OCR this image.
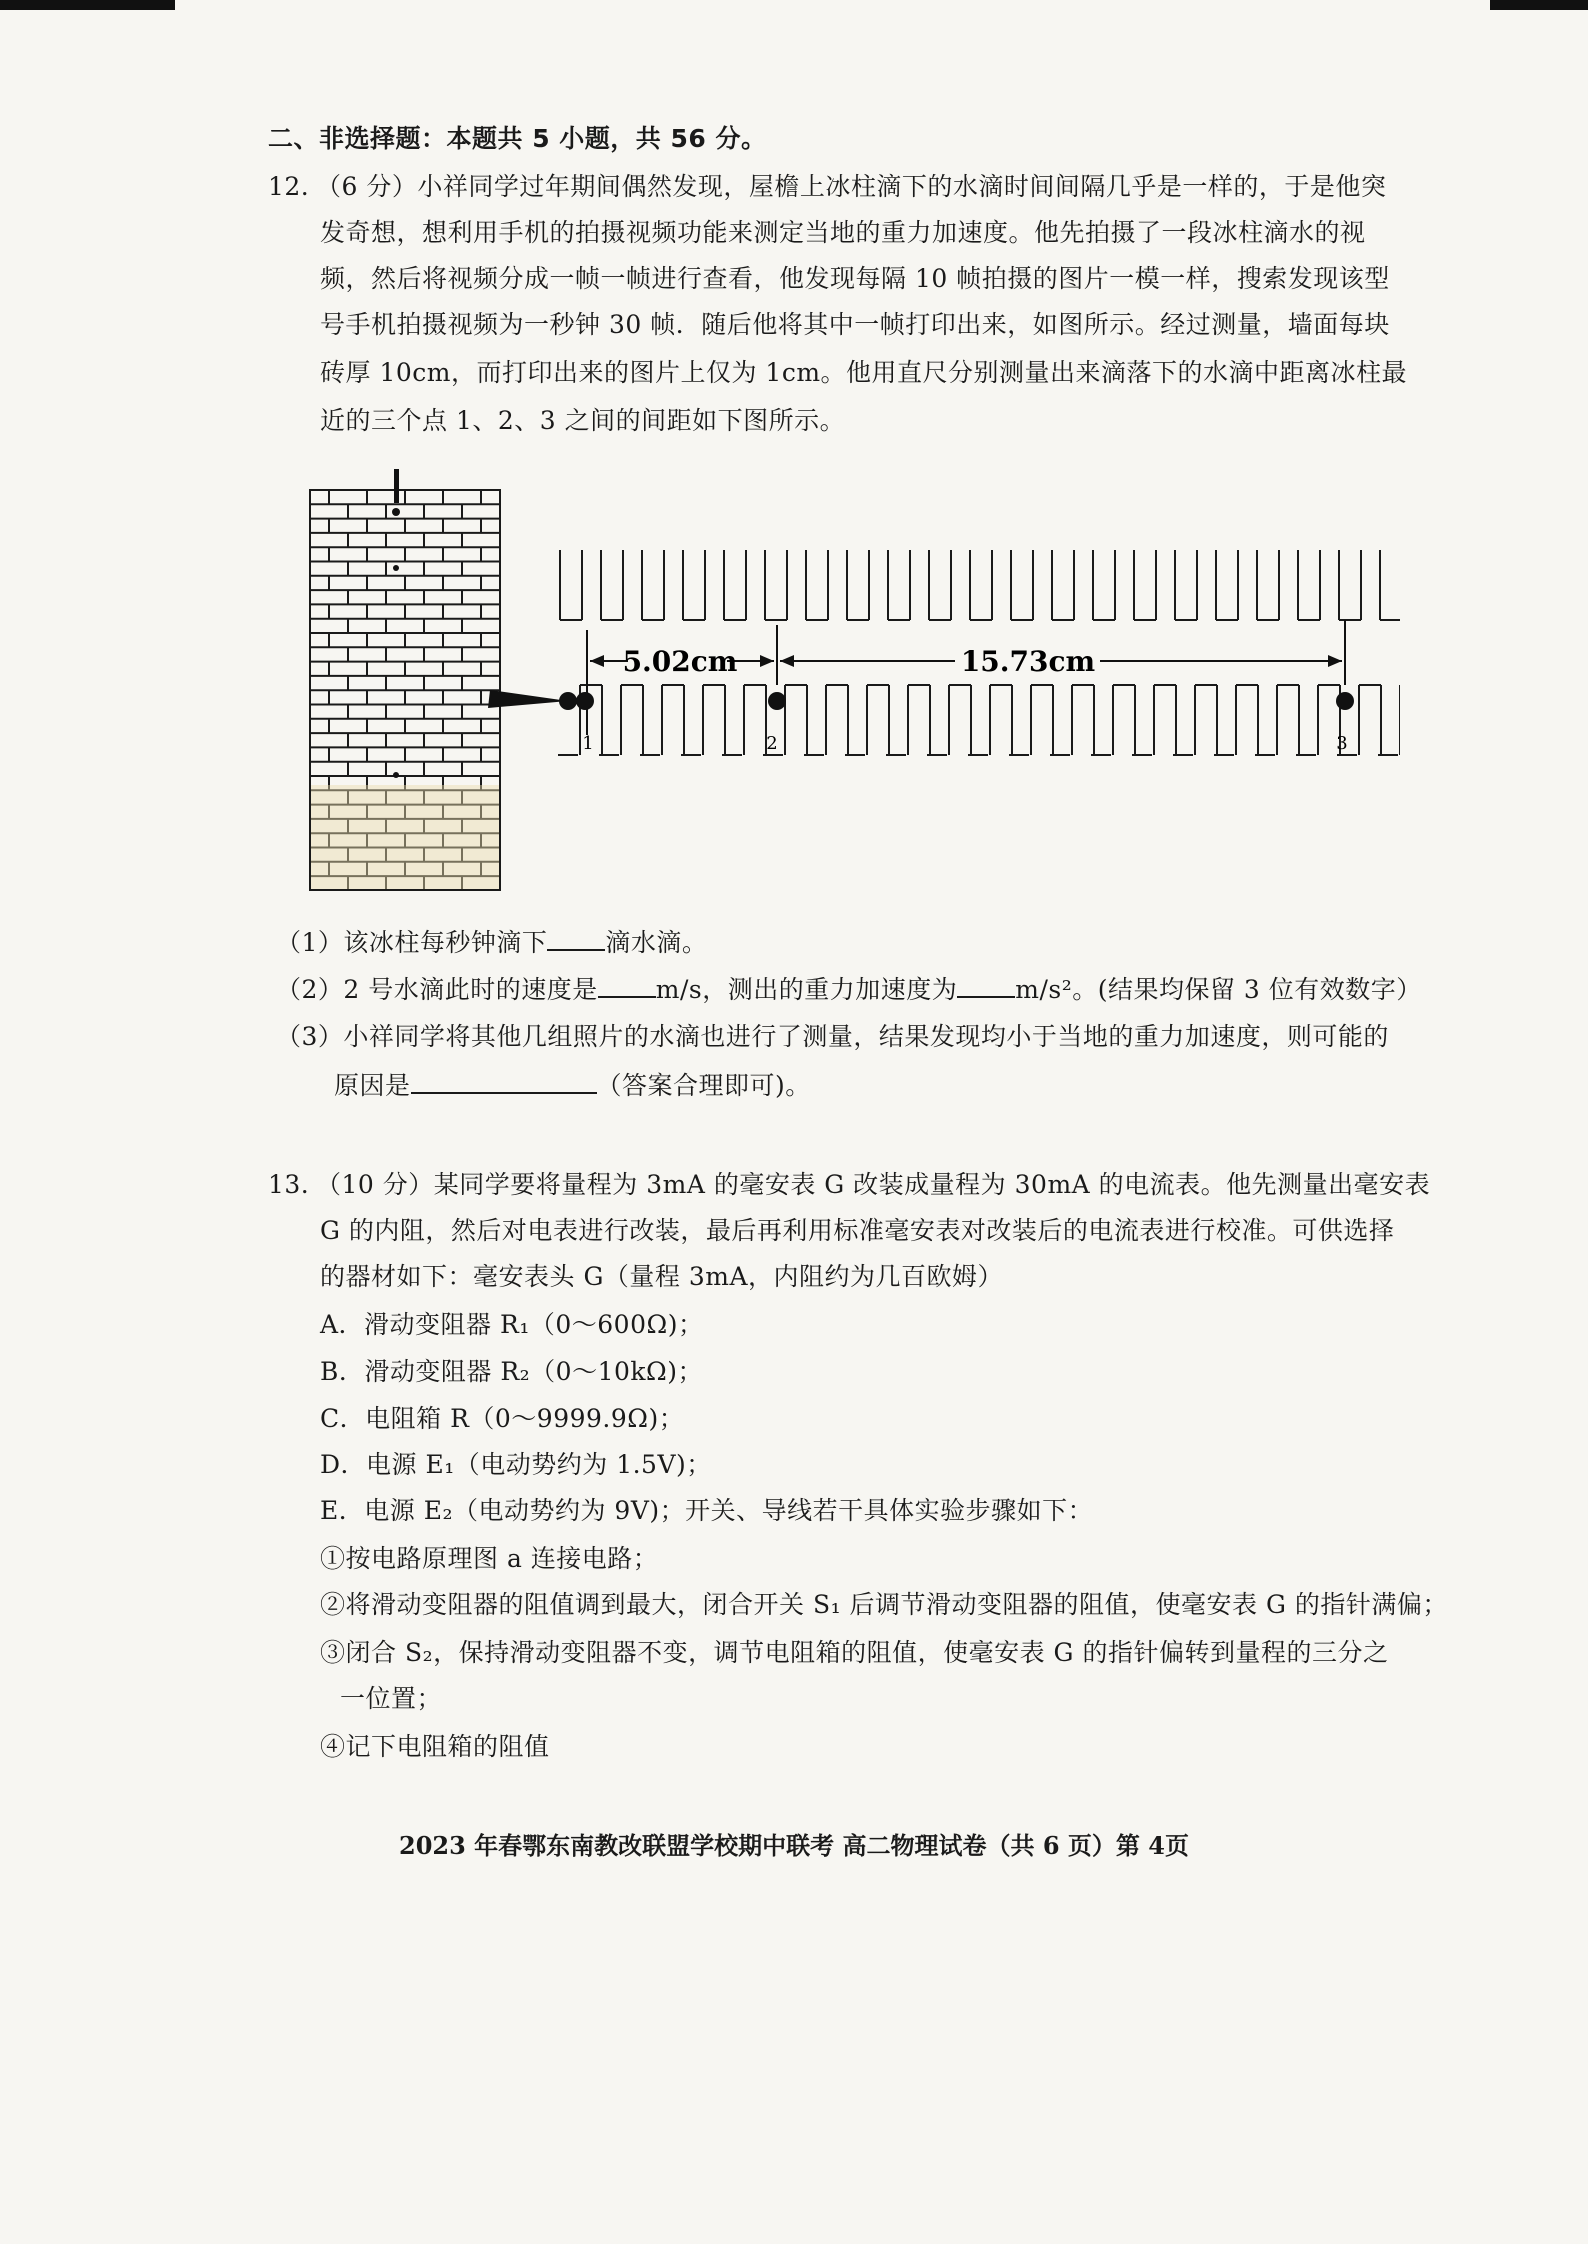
二、非选择题：本题共 5 小题，共 56 分。
12. （6 分）小祥同学过年期间偶然发现，屋檐上冰柱滴下的水滴时间间隔几乎是一样的，于是他突
发奇想，想利用手机的拍摄视频功能来测定当地的重力加速度。他先拍摄了一段冰柱滴水的视
频，然后将视频分成一帧一帧进行查看，他发现每隔 10 帧拍摄的图片一模一样，搜索发现该型
号手机拍摄视频为一秒钟 30 帧．随后他将其中一帧打印出来，如图所示。经过测量，墙面每块
砖厚 10cm，而打印出来的图片上仅为 1cm。他用直尺分别测量出来滴落下的水滴中距离冰柱最
近的三个点 1、2、3 之间的间距如下图所示。
5.02cm	15.73cm
1	2	3
（1）该冰柱每秒钟滴下 滴水滴。
（2）2 号水滴此时的速度是 m/s，测出的重力加速度为 m/s²。(结果均保留 3 位有效数字）
（3）小祥同学将其他几组照片的水滴也进行了测量，结果发现均小于当地的重力加速度，则可能的
原因是	（答案合理即可)。
13. （10 分）某同学要将量程为 3mA 的毫安表 G 改装成量程为 30mA 的电流表。他先测量出毫安表
G 的内阻，然后对电表进行改装，最后再利用标准毫安表对改装后的电流表进行校准。可供选择
的器材如下：毫安表头 G（量程 3mA，内阻约为几百欧姆）
A．滑动变阻器 R₁（0～600Ω)；
B．滑动变阻器 R₂（0～10kΩ)；
C．电阻箱 R（0～9999.9Ω)；
D．电源 E₁（电动势约为 1.5V)；
E．电源 E₂（电动势约为 9V)；开关、导线若干具体实验步骤如下：
①按电路原理图 a 连接电路；
②将滑动变阻器的阻值调到最大，闭合开关 S₁ 后调节滑动变阻器的阻值，使毫安表 G 的指针满偏；
③闭合 S₂，保持滑动变阻器不变，调节电阻箱的阻值，使毫安表 G 的指针偏转到量程的三分之
一位置；
④记下电阻箱的阻值
2023 年春鄂东南教改联盟学校期中联考 高二物理试卷（共 6 页）第 4页
